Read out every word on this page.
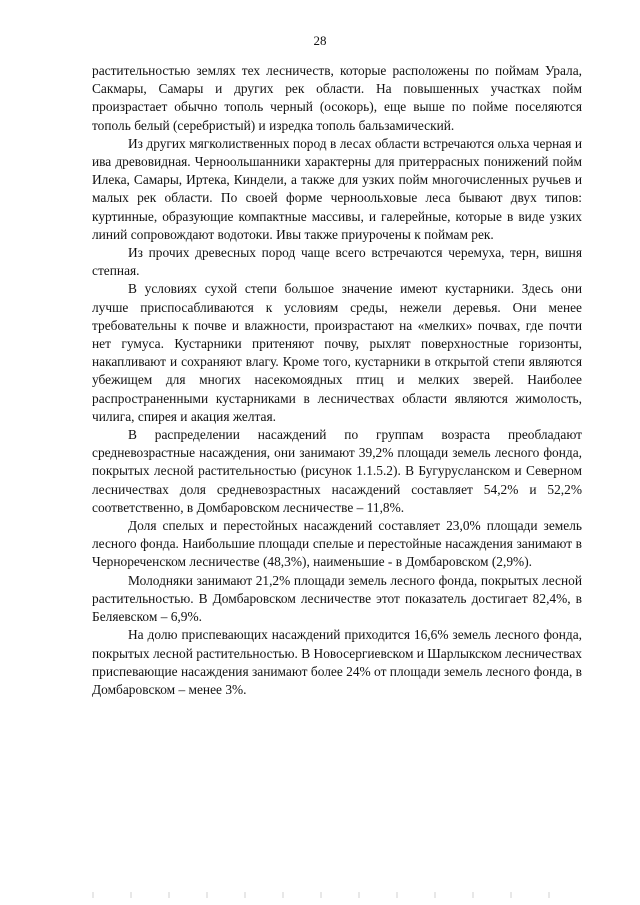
28

растительностью землях тех лесничеств, которые расположены по поймам Урала, Сакмары, Самары и других рек области. На повышенных участках пойм произрастает обычно тополь черный (осокорь), еще выше по пойме поселяются тополь белый (серебристый) и изредка тополь бальзамический.

Из других мягколиственных пород в лесах области встречаются ольха черная и ива древовидная. Черноольшанники характерны для притеррасных понижений пойм Илека, Самары, Иртека, Киндели, а также для узких пойм многочисленных ручьев и малых рек области. По своей форме черноольховые леса бывают двух типов: куртинные, образующие компактные массивы, и галерейные, которые в виде узких линий сопровождают водотоки. Ивы также приурочены к поймам рек.

Из прочих древесных пород чаще всего встречаются черемуха, терн, вишня степная.

В условиях сухой степи большое значение имеют кустарники. Здесь они лучше приспосабливаются к условиям среды, нежели деревья. Они менее требовательны к почве и влажности, произрастают на «мелких» почвах, где почти нет гумуса. Кустарники притеняют почву, рыхлят поверхностные горизонты, накапливают и сохраняют влагу. Кроме того, кустарники в открытой степи являются убежищем для многих насекомоядных птиц и мелких зверей. Наиболее распространенными кустарниками в лесничествах области являются жимолость, чилига, спирея и акация желтая.

В распределении насаждений по группам возраста преобладают средневозрастные насаждения, они занимают 39,2% площади земель лесного фонда, покрытых лесной растительностью (рисунок 1.1.5.2). В Бугурусланском и Северном лесничествах доля средневозрастных насаждений составляет 54,2% и 52,2% соответственно, в Домбаровском лесничестве – 11,8%.

Доля спелых и перестойных насаждений составляет 23,0% площади земель лесного фонда. Наибольшие площади спелые и перестойные насаждения занимают в Чернореченском лесничестве (48,3%), наименьшие - в Домбаровском (2,9%).

Молодняки занимают 21,2% площади земель лесного фонда, покрытых лесной растительностью. В Домбаровском лесничестве этот показатель достигает 82,4%, в Беляевском – 6,9%.

На долю приспевающих насаждений приходится 16,6% земель лесного фонда, покрытых лесной растительностью. В Новосергиевском и Шарлыкском лесничествах приспевающие насаждения занимают более 24% от площади земель лесного фонда, в Домбаровском – менее 3%.
